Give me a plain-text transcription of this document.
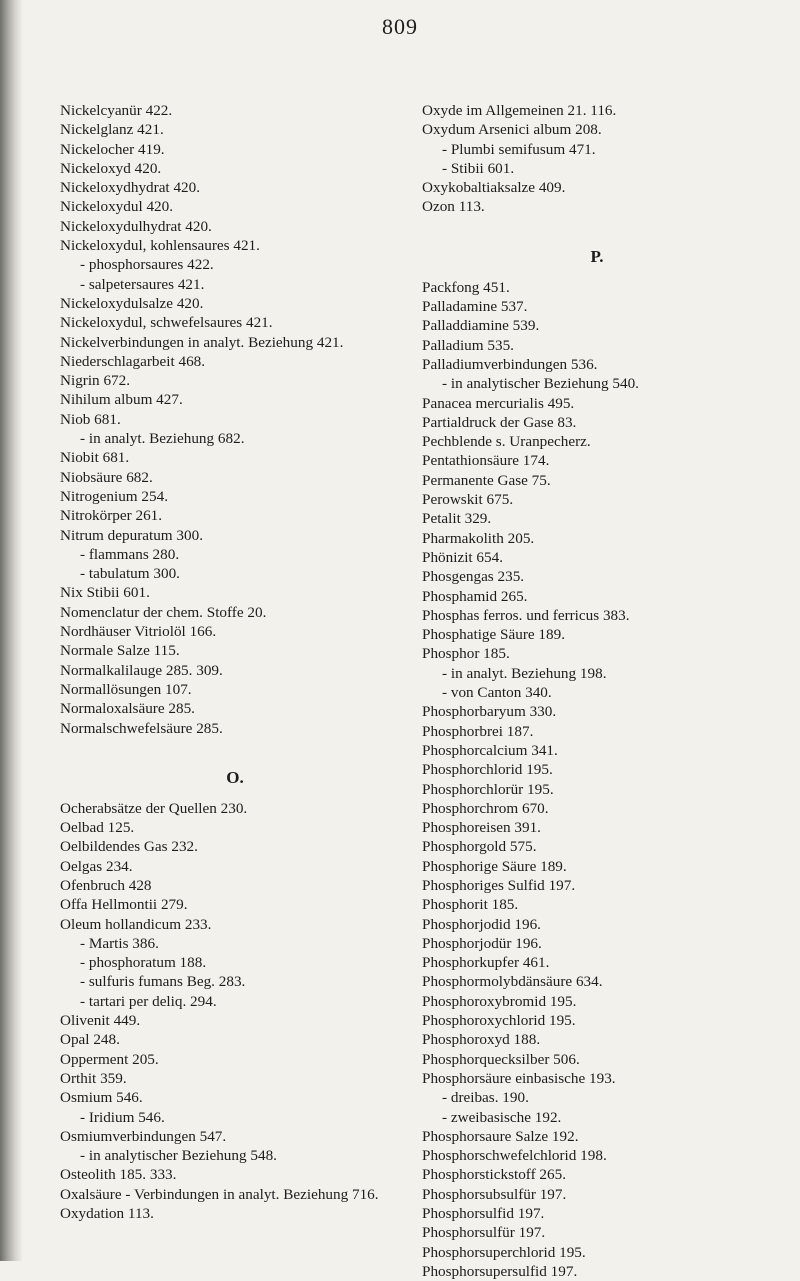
809
Nickelcyanür 422.
Nickelglanz 421.
Nickelocher 419.
Nickeloxyd 420.
Nickeloxydhydrat 420.
Nickeloxydul 420.
Nickeloxydulhydrat 420.
Nickeloxydul, kohlensaures 421.
- phosphorsaures 422.
- salpetersaures 421.
Nickeloxydulsalze 420.
Nickeloxydul, schwefelsaures 421.
Nickelverbindungen in analyt. Beziehung 421.
Niederschlagarbeit 468.
Nigrin 672.
Nihilum album 427.
Niob 681.
- in analyt. Beziehung 682.
Niobit 681.
Niobsäure 682.
Nitrogenium 254.
Nitrokörper 261.
Nitrum depuratum 300.
- flammans 280.
- tabulatum 300.
Nix Stibii 601.
Nomenclatur der chem. Stoffe 20.
Nordhäuser Vitriolöl 166.
Normale Salze 115.
Normalkalilauge 285. 309.
Normallösungen 107.
Normaloxalsäure 285.
Normalschwefelsäure 285.
O.
Ocherabsätze der Quellen 230.
Oelbad 125.
Oelbildendes Gas 232.
Oelgas 234.
Ofenbruch 428
Offa Hellmontii 279.
Oleum hollandicum 233.
- Martis 386.
- phosphoratum 188.
- sulfuris fumans Beg. 283.
- tartari per deliq. 294.
Olivenit 449.
Opal 248.
Opperment 205.
Orthit 359.
Osmium 546.
- Iridium 546.
Osmiumverbindungen 547.
- in analytischer Beziehung 548.
Osteolith 185. 333.
Oxalsäure - Verbindungen in analyt. Beziehung 716.
Oxydation 113.
Oxyde im Allgemeinen 21. 116.
Oxydum Arsenici album 208.
- Plumbi semifusum 471.
- Stibii 601.
Oxykobaltiaksalze 409.
Ozon 113.
P.
Packfong 451.
Palladamine 537.
Palladdiamine 539.
Palladium 535.
Palladiumverbindungen 536.
- in analytischer Beziehung 540.
Panacea mercurialis 495.
Partialdruck der Gase 83.
Pechblende s. Uranpecherz.
Pentathionsäure 174.
Permanente Gase 75.
Perowskit 675.
Petalit 329.
Pharmakolith 205.
Phönizit 654.
Phosgengas 235.
Phosphamid 265.
Phosphas ferros. und ferricus 383.
Phosphatige Säure 189.
Phosphor 185.
- in analyt. Beziehung 198.
- von Canton 340.
Phosphorbaryum 330.
Phosphorbrei 187.
Phosphorcalcium 341.
Phosphorchlorid 195.
Phosphorchlorür 195.
Phosphorchrom 670.
Phosphoreisen 391.
Phosphorgold 575.
Phosphorige Säure 189.
Phosphoriges Sulfid 197.
Phosphorit 185.
Phosphorjodid 196.
Phosphorjodür 196.
Phosphorkupfer 461.
Phosphormolybdänsäure 634.
Phosphoroxybromid 195.
Phosphoroxychlorid 195.
Phosphoroxyd 188.
Phosphorquecksilber 506.
Phosphorsäure einbasische 193.
- dreibas. 190.
- zweibasische 192.
Phosphorsaure Salze 192.
Phosphorschwefelchlorid 198.
Phosphorstickstoff 265.
Phosphorsubsulfür 197.
Phosphorsulfid 197.
Phosphorsulfür 197.
Phosphorsuperchlorid 195.
Phosphorsupersulfid 197.
